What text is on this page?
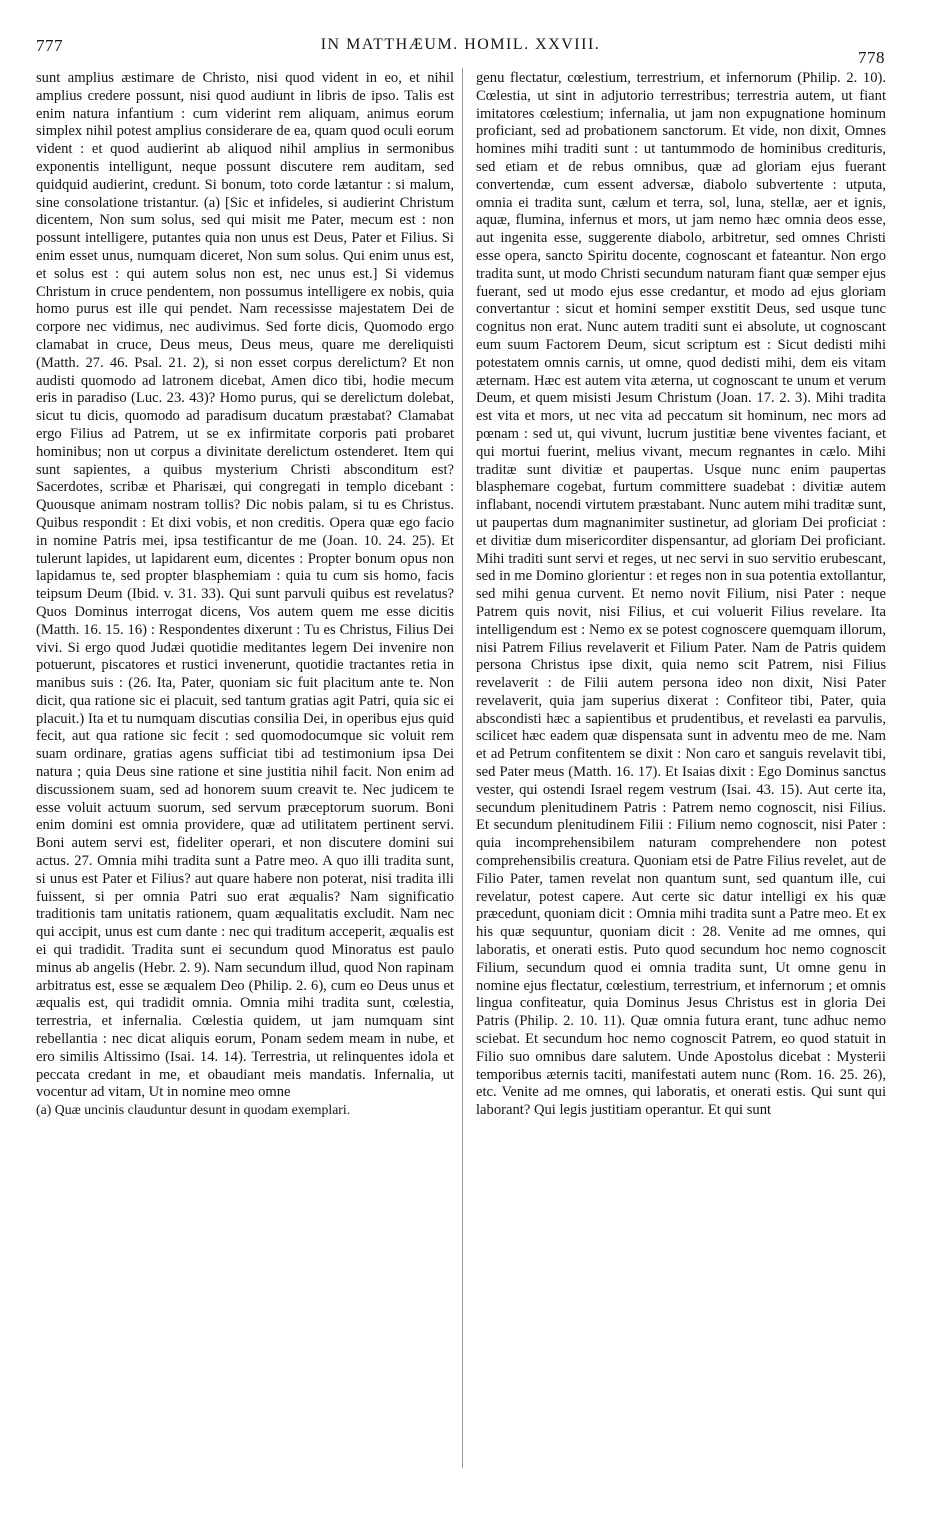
777	IN MATTHÆUM. HOMIL. XXVIII.
778

sunt amplius æstimare de Christo, nisi quod vident in eo, et nihil amplius credere possunt, nisi quod audiunt in libris de ipso. Talis est enim natura infantium : cum viderint rem aliquam, animus eorum simplex nihil potest amplius considerare de ea, quam quod oculi eorum vident : et quod audierint ab aliquod nihil amplius in sermonibus exponentis intelligunt, neque possunt discutere rem auditam, sed quidquid audierint, credunt. Si bonum, toto corde lætantur : si malum, sine consolatione tristantur. (a) [Sic et infideles, si audierint Christum dicentem, Non sum solus, sed qui misit me Pater, mecum est : non possunt intelligere, putantes quia non unus est Deus, Pater et Filius. Si enim esset unus, numquam diceret, Non sum solus. Qui enim unus est, et solus est : qui autem solus non est, nec unus est.] Si videmus Christum in cruce pendentem, non possumus intelligere ex nobis, quia homo purus est ille qui pendet. Nam recessisse majestatem Dei de corpore nec vidimus, nec audivimus. Sed forte dicis, Quomodo ergo clamabat in cruce, Deus meus, Deus meus, quare me dereliquisti (Matth. 27. 46. Psal. 21. 2), si non esset corpus derelictum? Et non audisti quomodo ad latronem dicebat, Amen dico tibi, hodie mecum eris in paradiso (Luc. 23. 43)? Homo purus, qui se derelictum dolebat, sicut tu dicis, quomodo ad paradisum ducatum præstabat? Clamabat ergo Filius ad Patrem, ut se ex infirmitate corporis pati probaret hominibus; non ut corpus a divinitate derelictum ostenderet. Item qui sunt sapientes, a quibus mysterium Christi absconditum est? Sacerdotes, scribæ et Pharisæi, qui congregati in templo dicebant : Quousque animam nostram tollis? Dic nobis palam, si tu es Christus. Quibus respondit : Et dixi vobis, et non creditis. Opera quæ ego facio in nomine Patris mei, ipsa testificantur de me (Joan. 10. 24. 25). Et tulerunt lapides, ut lapidarent eum, dicentes : Propter bonum opus non lapidamus te, sed propter blasphemiam : quia tu cum sis homo, facis teipsum Deum (Ibid. v. 31. 33). Qui sunt parvuli quibus est revelatus? Quos Dominus interrogat dicens, Vos autem quem me esse dicitis (Matth. 16. 15. 16) : Respondentes dixerunt : Tu es Christus, Filius Dei vivi. Si ergo quod Judæi quotidie meditantes legem Dei invenire non potuerunt, piscatores et rustici invenerunt, quotidie tractantes retia in manibus suis : (26. Ita, Pater, quoniam sic fuit placitum ante te. Non dicit, qua ratione sic ei placuit, sed tantum gratias agit Patri, quia sic ei placuit.) Ita et tu numquam discutias consilia Dei, in operibus ejus quid fecit, aut qua ratione sic fecit : sed quomodocumque sic voluit rem suam ordinare, gratias agens sufficiat tibi ad testimonium ipsa Dei natura ; quia Deus sine ratione et sine justitia nihil facit. Non enim ad discussionem suam, sed ad honorem suum creavit te. Nec judicem te esse voluit actuum suorum, sed servum præceptorum suorum. Boni enim domini est omnia providere, quæ ad utilitatem pertinent servi. Boni autem servi est, fideliter operari, et non discutere domini sui actus. 27. Omnia mihi tradita sunt a Patre meo. A quo illi tradita sunt, si unus est Pater et Filius? aut quare habere non poterat, nisi tradita illi fuissent, si per omnia Patri suo erat æqualis? Nam significatio traditionis tam unitatis rationem, quam æqualitatis excludit. Nam nec qui accipit, unus est cum dante : nec qui traditum acceperit, æqualis est ei qui tradidit. Tradita sunt ei secundum quod Minoratus est paulo minus ab angelis (Hebr. 2. 9). Nam secundum illud, quod Non rapinam arbitratus est, esse se æqualem Deo (Philip. 2. 6), cum eo Deus unus et æqualis est, qui tradidit omnia. Omnia mihi tradita sunt, cœlestia, terrestria, et infernalia. Cœlestia quidem, ut jam numquam sint rebellantia : nec dicat aliquis eorum, Ponam sedem meam in nube, et ero similis Altissimo (Isai. 14. 14). Terrestria, ut relinquentes idola et peccata credant in me, et obaudiant meis mandatis. Infernalia, ut vocentur ad vitam, Ut in nomine meo omne

(a) Quæ uncinis clauduntur desunt in quodam exemplari.

genu flectatur, cœlestium, terrestrium, et infernorum (Philip. 2. 10). Cœlestia, ut sint in adjutorio terrestribus; terrestria autem, ut fiant imitatores cœlestium; infernalia, ut jam non expugnatione hominum proficiant, sed ad probationem sanctorum. Et vide, non dixit, Omnes homines mihi traditi sunt : ut tantummodo de hominibus credituris, sed etiam et de rebus omnibus, quæ ad gloriam ejus fuerant convertendæ, cum essent adversæ, diabolo subvertente : utputa, omnia ei tradita sunt, cælum et terra, sol, luna, stellæ, aer et ignis, aquæ, flumina, infernus et mors, ut jam nemo hæc omnia deos esse, aut ingenita esse, suggerente diabolo, arbitretur, sed omnes Christi esse opera, sancto Spiritu docente, cognoscant et fateantur. Non ergo tradita sunt, ut modo Christi secundum naturam fiant quæ semper ejus fuerant, sed ut modo ejus esse credantur, et modo ad ejus gloriam convertantur : sicut et homini semper exstitit Deus, sed usque tunc cognitus non erat. Nunc autem traditi sunt ei absolute, ut cognoscant eum suum Factorem Deum, sicut scriptum est : Sicut dedisti mihi potestatem omnis carnis, ut omne, quod dedisti mihi, dem eis vitam æternam. Hæc est autem vita æterna, ut cognoscant te unum et verum Deum, et quem misisti Jesum Christum (Joan. 17. 2. 3). Mihi tradita est vita et mors, ut nec vita ad peccatum sit hominum, nec mors ad pœnam : sed ut, qui vivunt, lucrum justitiæ bene viventes faciant, et qui mortui fuerint, melius vivant, mecum regnantes in cælo. Mihi traditæ sunt divitiæ et paupertas. Usque nunc enim paupertas blasphemare cogebat, furtum committere suadebat : divitiæ autem inflabant, nocendi virtutem præstabant. Nunc autem mihi traditæ sunt, ut paupertas dum magnanimiter sustinetur, ad gloriam Dei proficiat : et divitiæ dum misericorditer dispensantur, ad gloriam Dei proficiant. Mihi traditi sunt servi et reges, ut nec servi in suo servitio erubescant, sed in me Domino glorientur : et reges non in sua potentia extollantur, sed mihi genua curvent. Et nemo novit Filium, nisi Pater : neque Patrem quis novit, nisi Filius, et cui voluerit Filius revelare. Ita intelligendum est : Nemo ex se potest cognoscere quemquam illorum, nisi Patrem Filius revelaverit et Filium Pater. Nam de Patris quidem persona Christus ipse dixit, quia nemo scit Patrem, nisi Filius revelaverit : de Filii autem persona ideo non dixit, Nisi Pater revelaverit, quia jam superius dixerat : Confiteor tibi, Pater, quia abscondisti hæc a sapientibus et prudentibus, et revelasti ea parvulis, scilicet hæc eadem quæ dispensata sunt in adventu meo de me. Nam et ad Petrum confitentem se dixit : Non caro et sanguis revelavit tibi, sed Pater meus (Matth. 16. 17). Et Isaias dixit : Ego Dominus sanctus vester, qui ostendi Israel regem vestrum (Isai. 43. 15). Aut certe ita, secundum plenitudinem Patris : Patrem nemo cognoscit, nisi Filius. Et secundum plenitudinem Filii : Filium nemo cognoscit, nisi Pater : quia incomprehensibilem naturam comprehendere non potest comprehensibilis creatura. Quoniam etsi de Patre Filius revelet, aut de Filio Pater, tamen revelat non quantum sunt, sed quantum ille, cui revelatur, potest capere. Aut certe sic datur intelligi ex his quæ præcedunt, quoniam dicit : Omnia mihi tradita sunt a Patre meo. Et ex his quæ sequuntur, quoniam dicit : 28. Venite ad me omnes, qui laboratis, et onerati estis. Puto quod secundum hoc nemo cognoscit Filium, secundum quod ei omnia tradita sunt, Ut omne genu in nomine ejus flectatur, cœlestium, terrestrium, et infernorum ; et omnis lingua confiteatur, quia Dominus Jesus Christus est in gloria Dei Patris (Philip. 2. 10. 11). Quæ omnia futura erant, tunc adhuc nemo sciebat. Et secundum hoc nemo cognoscit Patrem, eo quod statuit in Filio suo omnibus dare salutem. Unde Apostolus dicebat : Mysterii temporibus æternis taciti, manifestati autem nunc (Rom. 16. 25. 26), etc. Venite ad me omnes, qui laboratis, et onerati estis. Qui sunt qui laborant? Qui legis justitiam operantur. Et qui sunt
